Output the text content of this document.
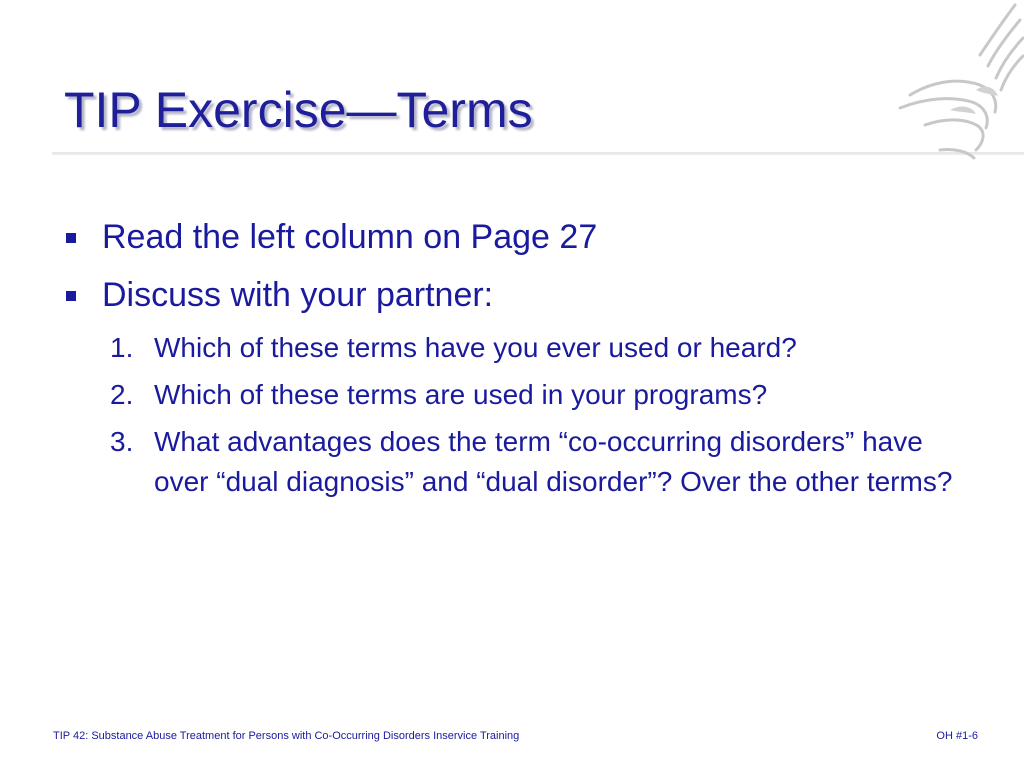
TIP Exercise—Terms
Read the left column on Page 27
Discuss with your partner:
1. Which of these terms have you ever used or heard?
2. Which of these terms are used in your programs?
3. What advantages does the term “co-occurring disorders” have over “dual diagnosis” and “dual disorder”? Over the other terms?
TIP 42: Substance Abuse Treatment for Persons with Co-Occurring Disorders Inservice Training	OH #1-6
